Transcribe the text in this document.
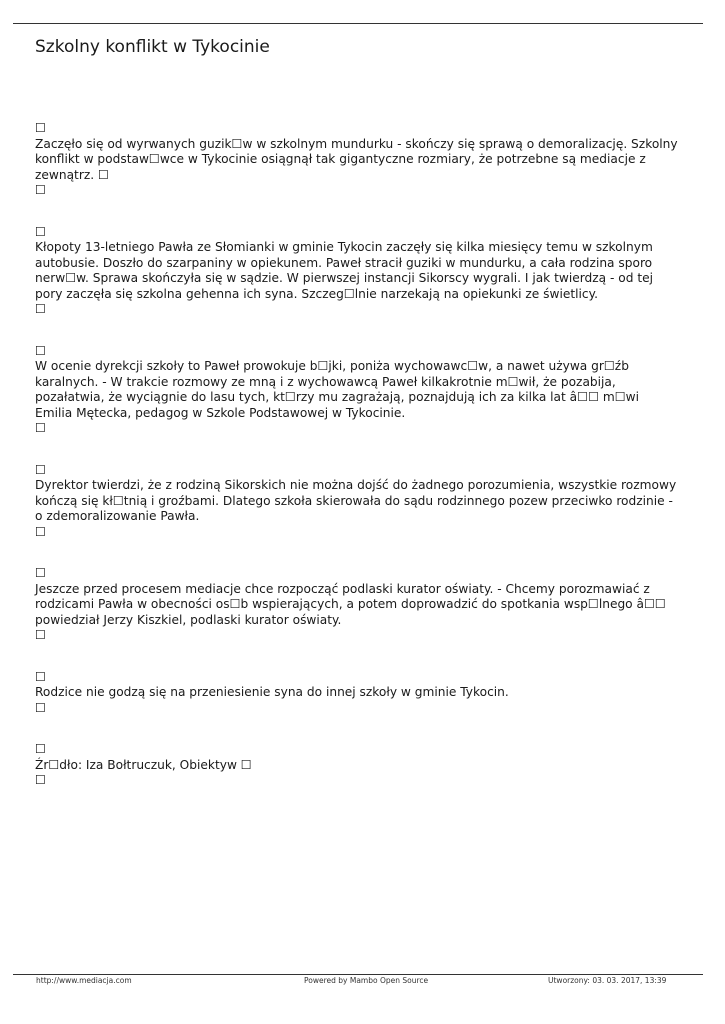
Szkolny konflikt w Tykocinie
☐
Zaczęło się od wyrwanych guzik☐w w szkolnym mundurku - skończy się sprawą o demoralizację. Szkolny
konflikt w podstaw☐wce w Tykocinie osiągnął tak gigantyczne rozmiary, że potrzebne są mediacje z
zewnątrz. ☐
☐
☐
Kłopoty 13-letniego Pawła ze Słomianki w gminie Tykocin zaczęły się kilka miesięcy temu w szkolnym
autobusie. Doszło do szarpaniny w opiekunem. Paweł stracił guziki w mundurku, a cała rodzina sporo
nerw☐w. Sprawa skończyła się w sądzie. W pierwszej instancji Sikorscy wygrali. I jak twierdzą - od tej
pory zaczęła się szkolna gehenna ich syna. Szczeg☐lnie narzekają na opiekunki ze świetlicy.
☐
☐
W ocenie dyrekcji szkoły to Paweł prowokuje b☐jki, poniża wychowawc☐w, a nawet używa gr☐źb
karalnych. - W trakcie rozmowy ze mną i z wychowawcą Paweł kilkakrotnie m☐wił, że pozabija,
pozałatwia, że wyciągnie do lasu tych, kt☐rzy mu zagrażają, poznajdują ich za kilka lat â☐☐ m☐wi
Emilia Mętecka, pedagog w Szkole Podstawowej w Tykocinie.
☐
☐
Dyrektor twierdzi, że z rodziną Sikorskich nie można dojść do żadnego porozumienia, wszystkie rozmowy
kończą się kł☐tnią i groźbami. Dlatego szkoła skierowała do sądu rodzinnego pozew przeciwko rodzinie -
o zdemoralizowanie Pawła.
☐
☐
Jeszcze przed procesem mediacje chce rozpocząć podlaski kurator oświaty. - Chcemy porozmawiać z
rodzicami Pawła w obecności os☐b wspierających, a potem doprowadzić do spotkania wsp☐lnego â☐☐
powiedział Jerzy Kiszkiel, podlaski kurator oświaty.
☐
☐
Rodzice nie godzą się na przeniesienie syna do innej szkoły w gminie Tykocin.
☐
☐
Źr☐dło: Iza Bołtruczuk, Obiektyw ☐
☐
http://www.mediacja.com	Powered by Mambo Open Source	Utworzony: 03. 03. 2017, 13:39
